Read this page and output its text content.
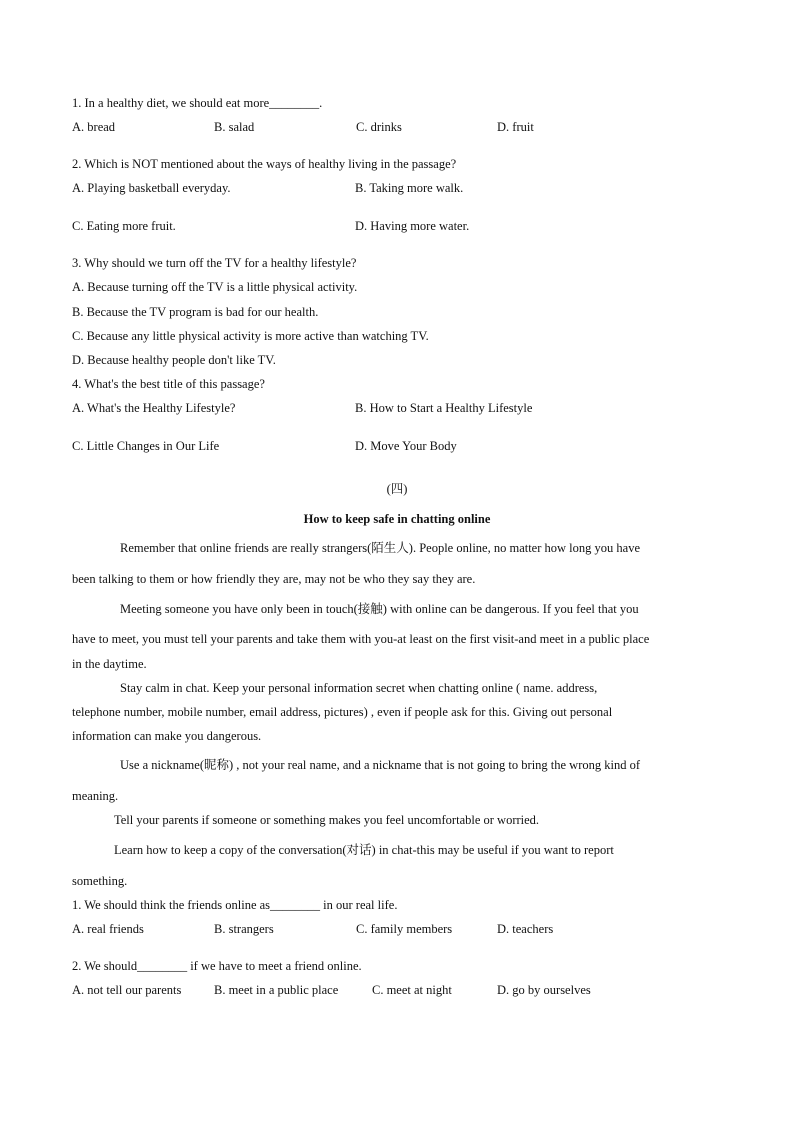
1. In a healthy diet, we should eat more________.
A. bread	B. salad	C. drinks	D. fruit
2. Which is NOT mentioned about the ways of healthy living in the passage?
A. Playing basketball everyday.	B. Taking more walk.
C. Eating more fruit.	D. Having more water.
3. Why should we turn off the TV for a healthy lifestyle?
A. Because turning off the TV is a little physical activity.
B. Because the TV program is bad for our health.
C. Because any little physical activity is more active than watching TV.
D. Because healthy people don't like TV.
4. What's the best title of this passage?
A. What's the Healthy Lifestyle?	B. How to Start a Healthy Lifestyle
C. Little Changes in Our Life	D. Move Your Body
(四)
How to keep safe in chatting online
Remember that online friends are really strangers(陌生人). People online, no matter how long you have
been talking to them or how friendly they are, may not be who they say they are.
Meeting someone you have only been in touch(接触) with online can be dangerous. If you feel that you
have to meet, you must tell your parents and take them with you-at least on the first visit-and meet in a public place
in the daytime.
Stay calm in chat. Keep your personal information secret when chatting online ( name. address,
telephone number, mobile number, email address, pictures) , even if people ask for this. Giving out personal
information can make you dangerous.
Use a nickname(昵称) , not your real name, and a nickname that is not going to bring the wrong kind of
meaning.
Tell your parents if someone or something makes you feel uncomfortable or worried.
Learn how to keep a copy of the conversation(对话) in chat-this may be useful if you want to report
something.
1. We should think the friends online as________ in our real life.
A. real friends	B. strangers	C. family members	D. teachers
2. We should________ if we have to meet a friend online.
A. not tell our parents	B. meet in a public place	C. meet at night	D. go by ourselves
